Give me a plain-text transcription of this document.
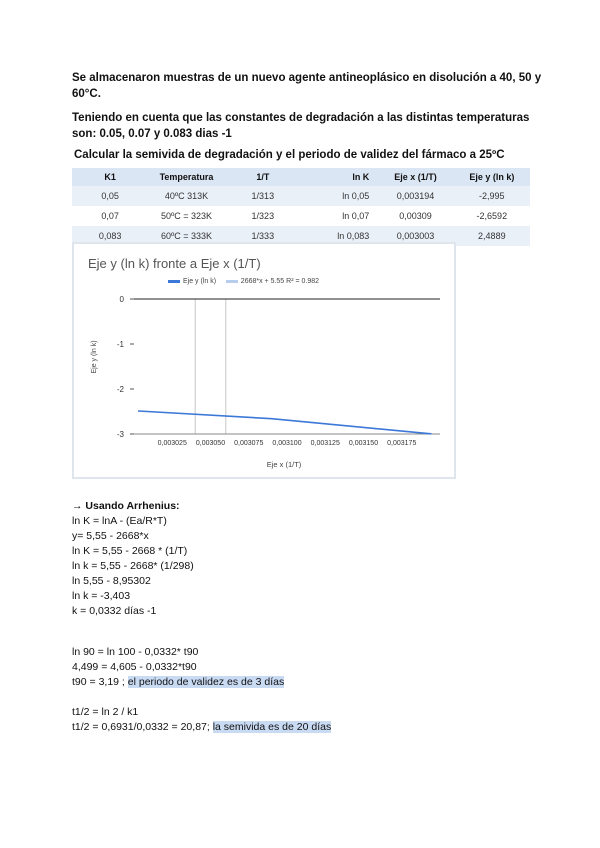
Se almacenaron muestras de un nuevo agente antineoplásico en disolución a 40, 50 y 60°C.
Teniendo en cuenta que las constantes de degradación a las distintas temperaturas son: 0.05, 0.07 y 0.083 dias -1
Calcular la semivida de degradación y el periodo de validez del fármaco a 25ºC
K1	Temperatura	1/T	ln K	Eje x (1/T)	Eje y (ln k)
0,05	40ºC 313K	1/313	ln 0,05	0,003194	-2,995
0,07	50ºC = 323K	1/323	ln 0,07	0,00309	-2,6592
0,083	60ºC = 333K	1/333	ln 0,083	0,003003	2,4889
Eje y (ln k) fronte a Eje x (1/T)
Eje y (ln k)	2668*x + 5.55 R² = 0.982
0
-1
-2
-3
0,003025 0,003050 0,003075 0,003100 0,003125 0,003150 0,003175
Eje y (ln k)
Eje x (1/T)
→ Usando Arrhenius:
ln K = lnA - (Ea/R*T)
y= 5,55 - 2668*x
ln K = 5,55 - 2668 * (1/T)
ln k = 5,55 - 2668* (1/298)
ln 5,55 - 8,95302
ln k = -3,403
k = 0,0332 días -1
ln 90 = ln 100 - 0,0332* t90
4,499 = 4,605 - 0,0332*t90
t90 = 3,19 ; el periodo de validez es de 3 días
t1/2 = ln 2 / k1
t1/2 = 0,6931/0,0332 = 20,87; la semivida es de 20 días
